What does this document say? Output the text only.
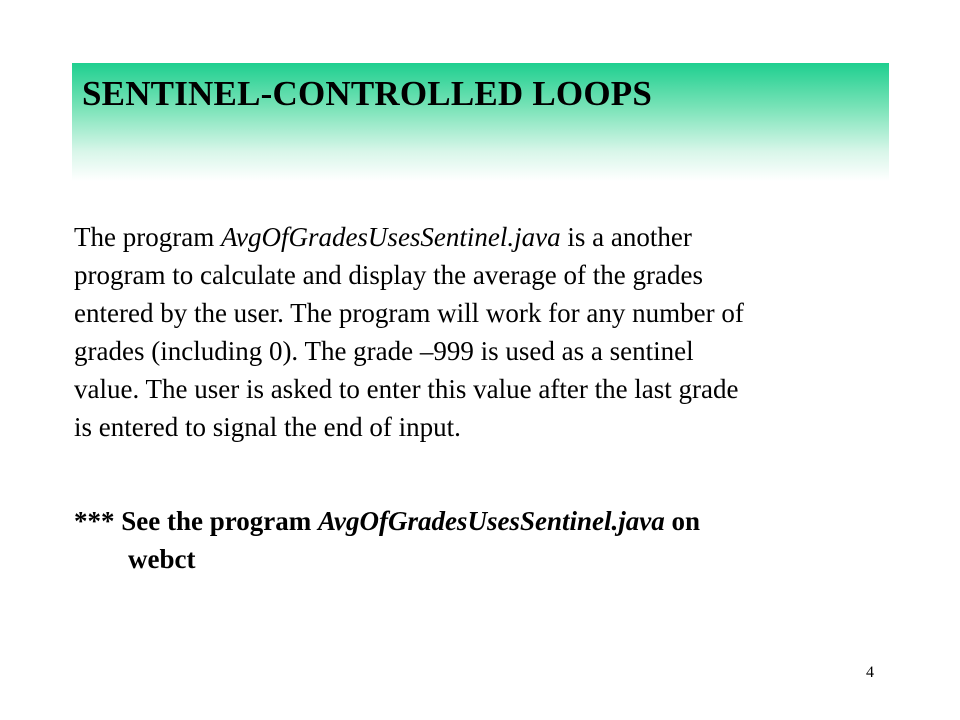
SENTINEL-CONTROLLED LOOPS

The program AvgOfGradesUsesSentinel.java is a another
program to calculate and display the average of the grades
entered by the user. The program will work for any number of
grades (including 0). The grade –999 is used as a sentinel
value. The user is asked to enter this value after the last grade
is entered to signal the end of input.

*** See the program AvgOfGradesUsesSentinel.java on
webct

4
